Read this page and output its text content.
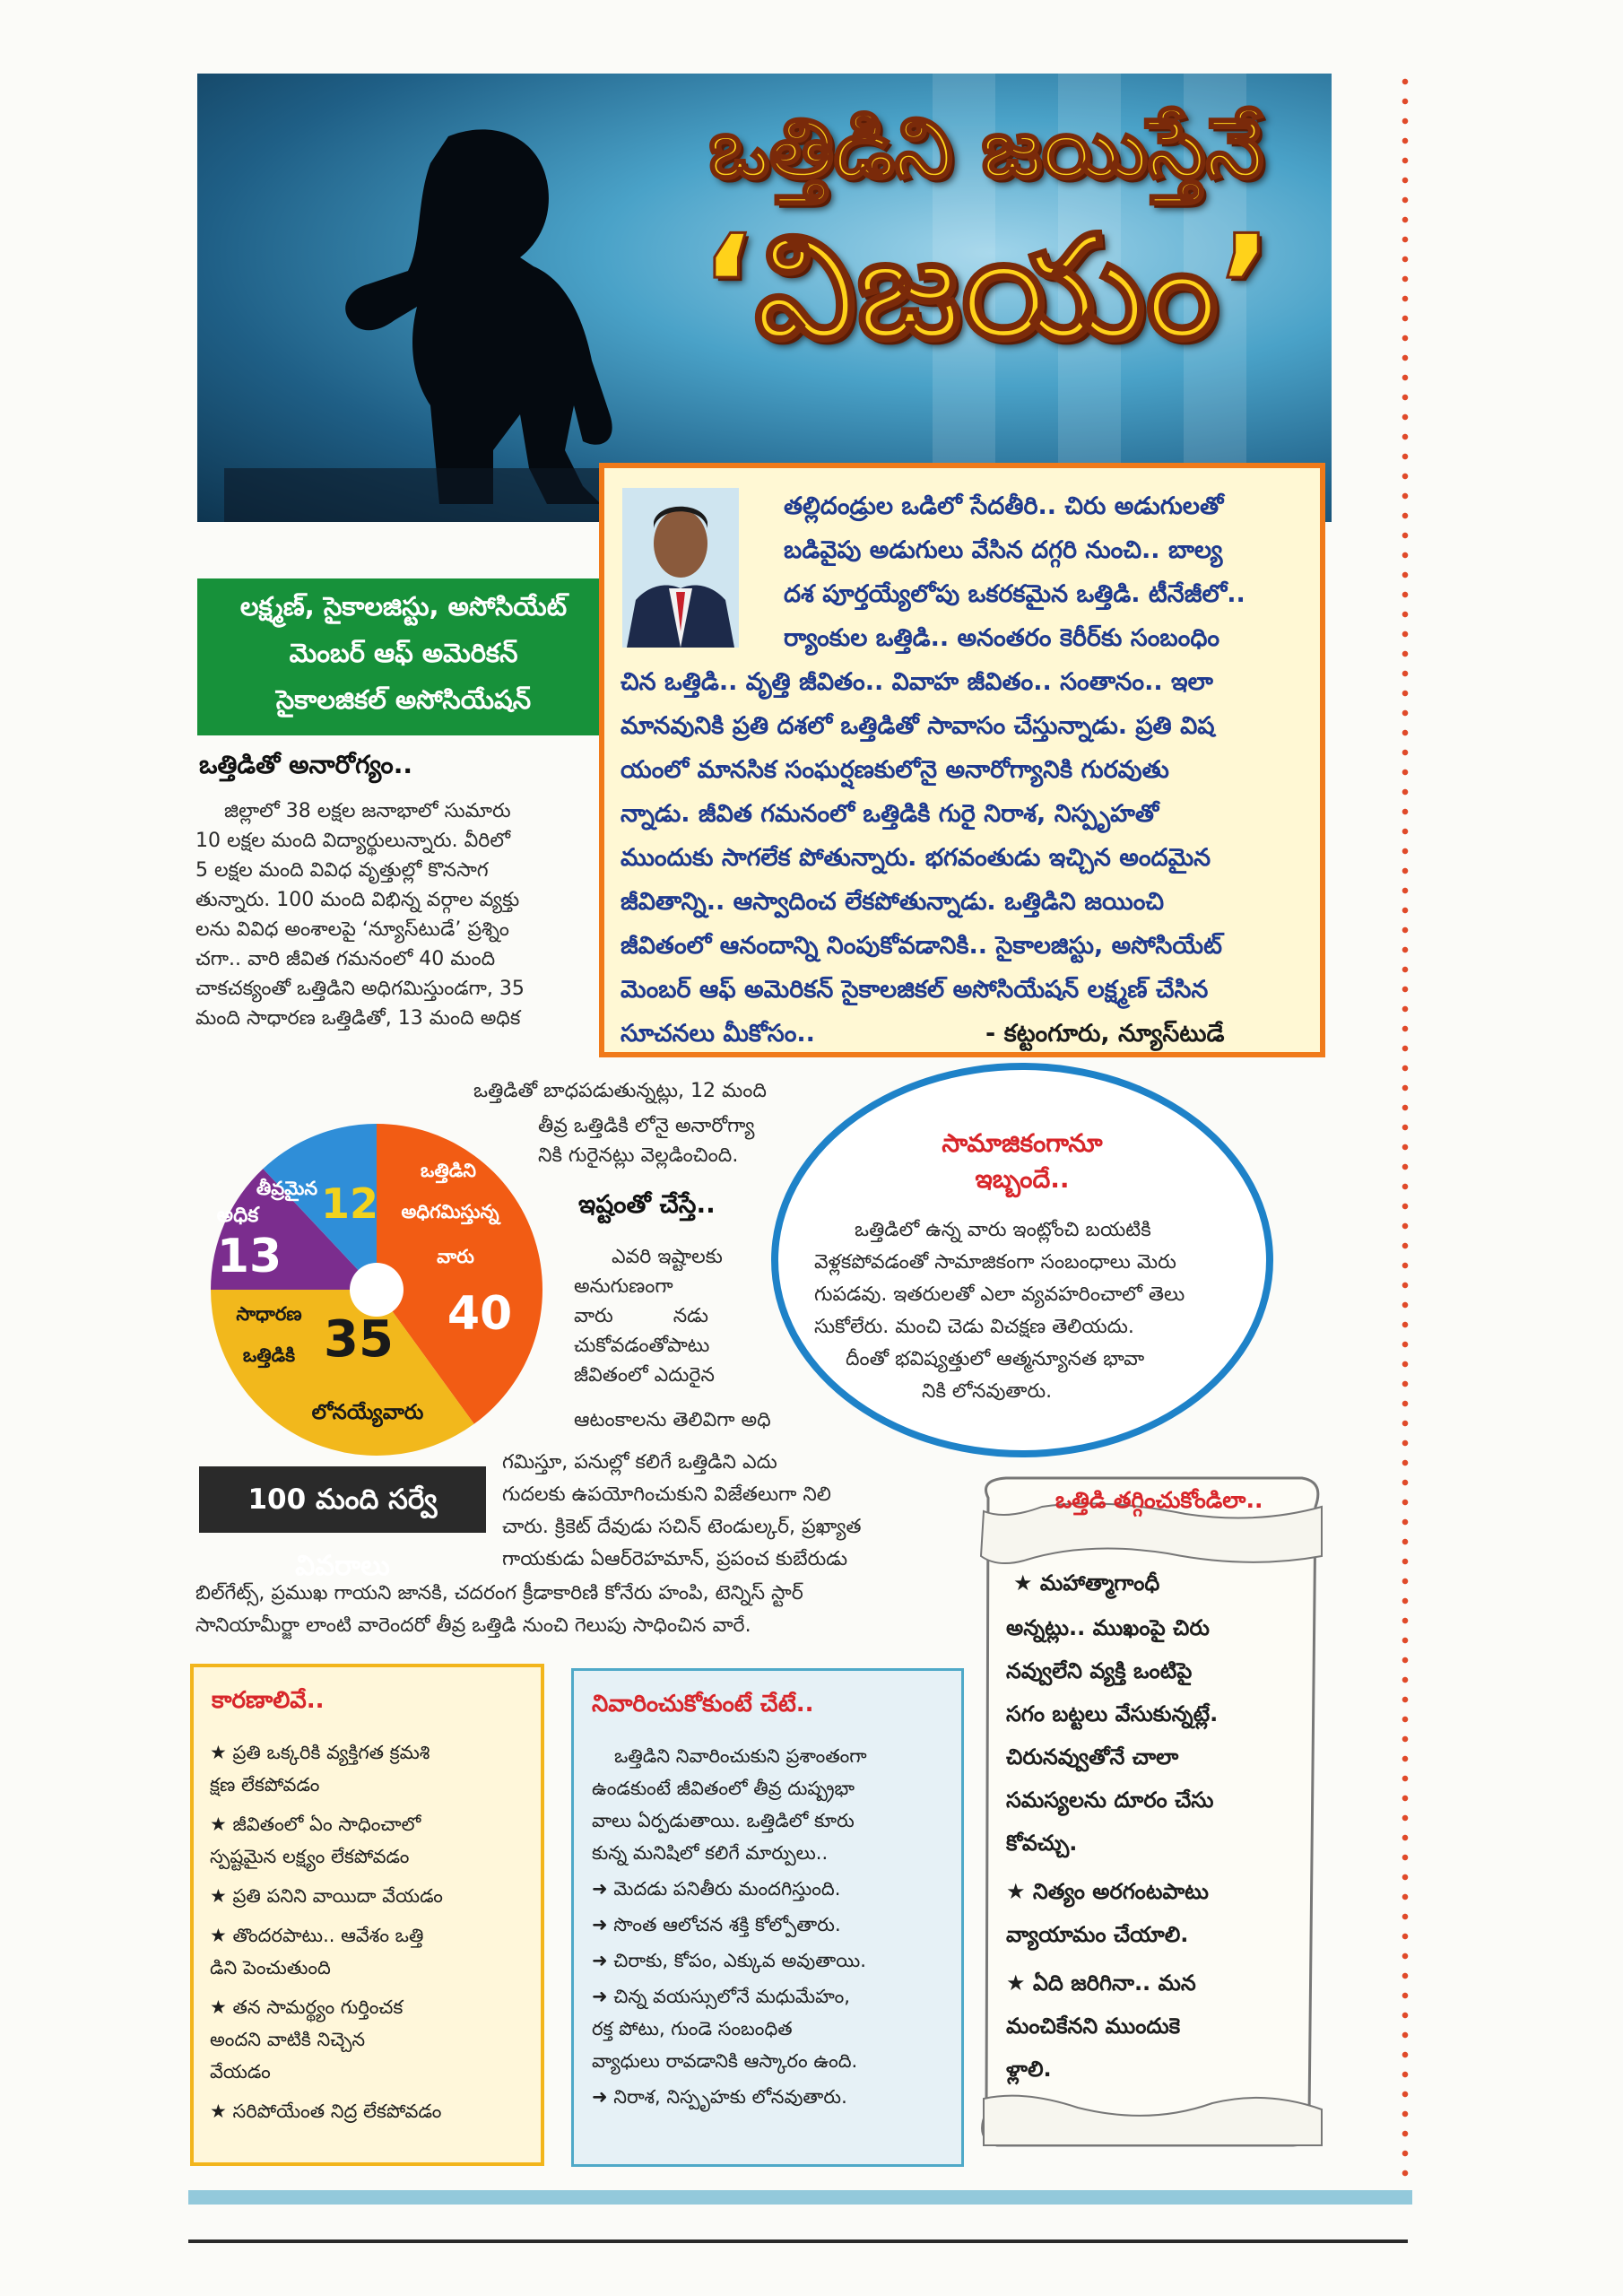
ఒత్తిడిని జయిస్తేనే
‘విజయం’
లక్ష్మణ్‌, సైకాలజిస్టు, అసోసియేట్‌
మెంబర్‌ ఆఫ్‌ అమెరికన్‌
సైకాలజికల్‌ అసోసియేషన్‌
తల్లిదండ్రుల ఒడిలో సేదతీరి.. చిరు అడుగులతో
బడివైపు అడుగులు వేసిన దగ్గరి నుంచి.. బాల్య
దశ పూర్తయ్యేలోపు ఒకరకమైన ఒత్తిడి. టీనేజీలో..
ర్యాంకుల ఒత్తిడి.. అనంతరం కెరీర్‌కు సంబంధిం
చిన ఒత్తిడి.. వృత్తి జీవితం.. వివాహ జీవితం.. సంతానం.. ఇలా
మానవునికి ప్రతి దశలో ఒత్తిడితో సావాసం చేస్తున్నాడు. ప్రతి విష
యంలో మానసిక సంఘర్షణకులోనై అనారోగ్యానికి గురవుతు
న్నాడు. జీవిత గమనంలో ఒత్తిడికి గురై నిరాశ, నిస్పృహతో
ముందుకు సాగలేక పోతున్నారు. భగవంతుడు ఇచ్చిన అందమైన
జీవితాన్ని.. ఆస్వాదించ లేకపోతున్నాడు. ఒత్తిడిని జయించి
జీవితంలో ఆనందాన్ని నింపుకోవడానికి.. సైకాలజిస్టు, అసోసియేట్‌
మెంబర్‌ ఆఫ్‌ అమెరికన్‌ సైకాలజికల్‌ అసోసియేషన్‌ లక్ష్మణ్‌ చేసిన
సూచనలు మీకోసం..	- కట్టంగూరు, న్యూస్‌టుడే
ఒత్తిడితో అనారోగ్యం..
జిల్లాలో 38 లక్షల జనాభాలో సుమారు
10 లక్షల మంది విద్యార్థులున్నారు. వీరిలో
5 లక్షల మంది వివిధ వృత్తుల్లో కొనసాగ
తున్నారు. 100 మంది విభిన్న వర్గాల వ్యక్తు
లను వివిధ అంశాలపై ‘న్యూస్‌టుడే’ ప్రశ్నిం
చగా.. వారి జీవిత గమనంలో 40 మంది
చాకచక్యంతో ఒత్తిడిని అధిగమిస్తుండగా, 35
మంది సాధారణ ఒత్తిడితో, 13 మంది అధిక
ఒత్తిడితో బాధపడుతున్నట్లు, 12 మంది
తీవ్ర ఒత్తిడికి లోనై అనారోగ్యా
నికి గురైనట్లు వెల్లడించింది.
ఒత్తిడిని
అధిగమిస్తున్న
వారు
40
తీవ్రమైన 12
అధిక
13
సాధారణ
ఒత్తిడికి 35
లోనయ్యేవారు
100 మంది సర్వే వివరాలు
ఇష్టంతో చేస్తే..
ఎవరి ఇష్టాలకు
అనుగుణంగా
వారు నడు
చుకోవడంతోపాటు
జీవితంలో ఎదురైన
ఆటంకాలను తెలివిగా అధి
గమిస్తూ, పనుల్లో కలిగే ఒత్తిడిని ఎదు
గుదలకు ఉపయోగించుకుని విజేతలుగా నిలి
చారు. క్రికెట్‌ దేవుడు సచిన్‌ టెండుల్కర్‌, ప్రఖ్యాత
గాయకుడు ఏఆర్‌రెహమాన్‌, ప్రపంచ కుబేరుడు
బిల్‌గేట్స్‌, ప్రముఖ గాయని జానకి, చదరంగ క్రీడాకారిణి కోనేరు హంపి, టెన్నిస్‌ స్టార్‌
సానియామీర్జా లాంటి వారెందరో తీవ్ర ఒత్తిడి నుంచి గెలుపు సాధించిన వారే.
సామాజికంగానూ
ఇబ్బందే..
ఒత్తిడిలో ఉన్న వారు ఇంట్లోంచి బయటికి
వెళ్లకపోవడంతో సామాజికంగా సంబంధాలు మెరు
గుపడవు. ఇతరులతో ఎలా వ్యవహరించాలో తెలు
సుకోలేరు. మంచి చెడు విచక్షణ తెలియదు.
దీంతో భవిష్యత్తులో ఆత్మన్యూనత భావా
నికి లోనవుతారు.
ఒత్తిడి తగ్గించుకోండిలా..
★ మహాత్మాగాంధీ
అన్నట్లు.. ముఖంపై చిరు
నవ్వులేని వ్యక్తి ఒంటిపై
సగం బట్టలు వేసుకున్నట్లే.
చిరునవ్వుతోనే చాలా
సమస్యలను దూరం చేసు
కోవచ్చు.
★ నిత్యం అరగంటపాటు
వ్యాయామం చేయాలి.
★ ఏది జరిగినా.. మన
మంచికేనని ముందుకె
ళ్లాలి.
కారణాలివే..
★ ప్రతి ఒక్కరికి వ్యక్తిగత క్రమశి
క్షణ లేకపోవడం
★ జీవితంలో ఏం సాధించాలో
స్పష్టమైన లక్ష్యం లేకపోవడం
★ ప్రతి పనిని వాయిదా వేయడం
★ తొందరపాటు.. ఆవేశం ఒత్తి
డిని పెంచుతుంది
★ తన సామర్థ్యం గుర్తించక
అందని వాటికి నిచ్చెన
వేయడం
★ సరిపోయేంత నిద్ర లేకపోవడం
నివారించుకోకుంటే చేటే..
ఒత్తిడిని నివారించుకుని ప్రశాంతంగా
ఉండకుంటే జీవితంలో తీవ్ర దుష్ప్రభా
వాలు ఏర్పడుతాయి. ఒత్తిడిలో కూరు
కున్న మనిషిలో కలిగే మార్పులు..
➜ మెదడు పనితీరు మందగిస్తుంది.
➜ సొంత ఆలోచన శక్తి కోల్పోతారు.
➜ చిరాకు, కోపం, ఎక్కువ అవుతాయి.
➜ చిన్న వయస్సులోనే మధుమేహం,
రక్త పోటు, గుండె సంబంధిత
వ్యాధులు రావడానికి ఆస్కారం ఉంది.
➜ నిరాశ, నిస్పృహకు లోనవుతారు.
